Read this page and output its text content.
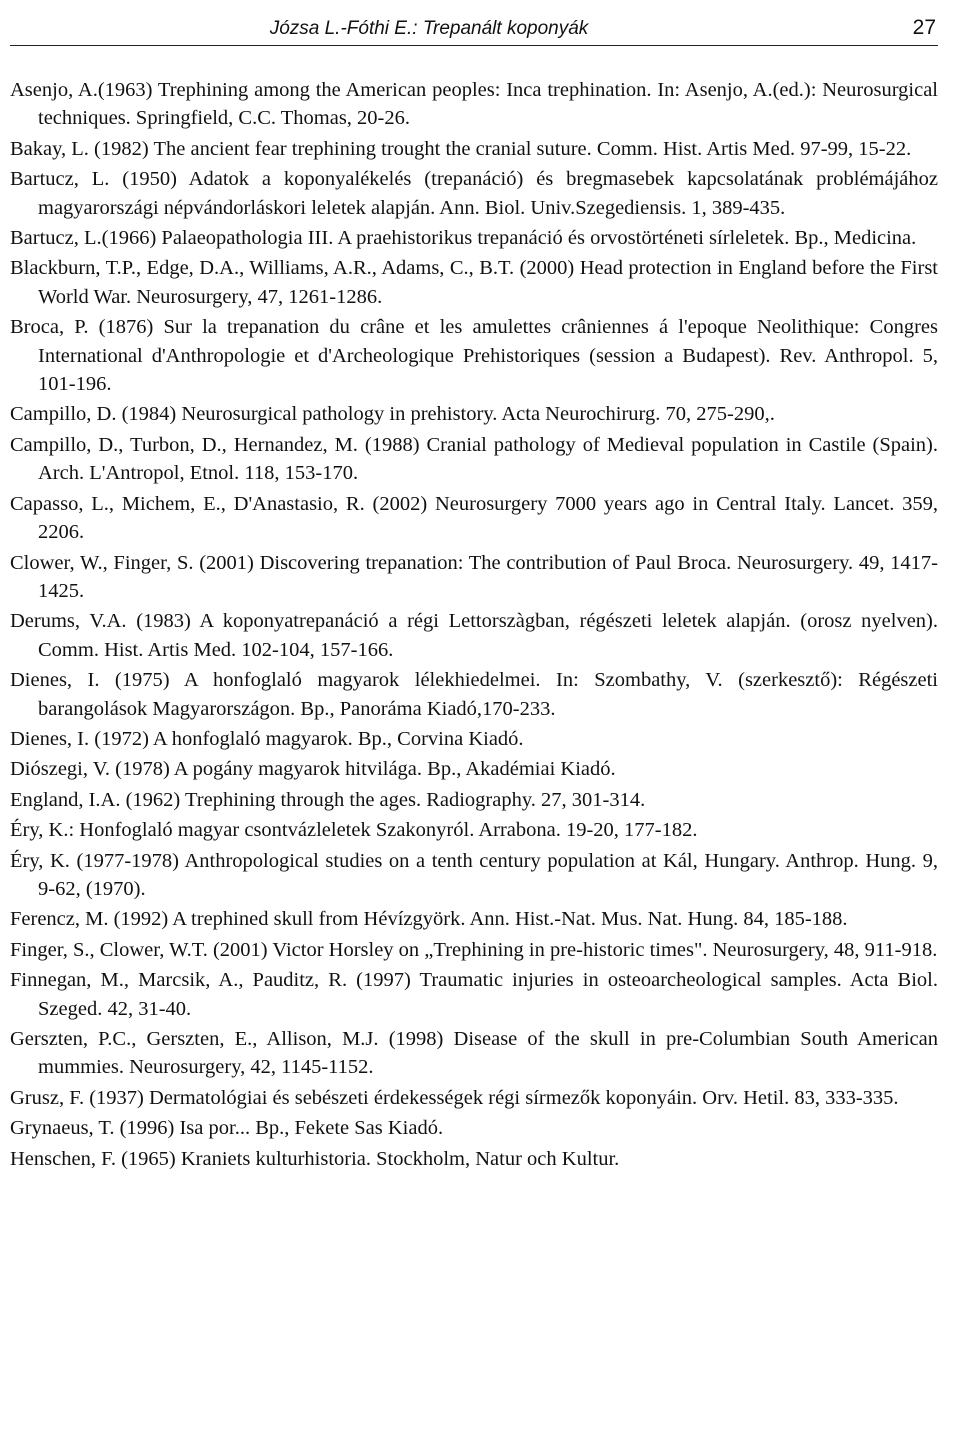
Józsa L.-Fóthi E.: Trepanált koponyák	27
Asenjo, A.(1963) Trephining among the American peoples: Inca trephination. In: Asenjo, A.(ed.): Neurosurgical techniques. Springfield, C.C. Thomas, 20-26.
Bakay, L. (1982) The ancient fear trephining trought the cranial suture. Comm. Hist. Artis Med. 97-99, 15-22.
Bartucz, L. (1950) Adatok a koponyalékelés (trepanáció) és bregmasebek kapcsolatának problémájához magyarországi népvándorláskori leletek alapján. Ann. Biol. Univ.Szegediensis. 1, 389-435.
Bartucz, L.(1966) Palaeopathologia III. A praehistorikus trepanáció és orvostörténeti sírleletek. Bp., Medicina.
Blackburn, T.P., Edge, D.A., Williams, A.R., Adams, C., B.T. (2000) Head protection in England before the First World War. Neurosurgery, 47, 1261-1286.
Broca, P. (1876) Sur la trepanation du crâne et les amulettes crâniennes á l'epoque Neolithique: Congres International d'Anthropologie et d'Archeologique Prehistoriques (session a Budapest). Rev. Anthropol. 5, 101-196.
Campillo, D. (1984) Neurosurgical pathology in prehistory. Acta Neurochirurg. 70, 275-290,.
Campillo, D., Turbon, D., Hernandez, M. (1988) Cranial pathology of Medieval population in Castile (Spain). Arch. L'Antropol, Etnol. 118, 153-170.
Capasso, L., Michem, E., D'Anastasio, R. (2002) Neurosurgery 7000 years ago in Central Italy. Lancet. 359, 2206.
Clower, W., Finger, S. (2001) Discovering trepanation: The contribution of Paul Broca. Neurosurgery. 49, 1417-1425.
Derums, V.A. (1983) A koponyatrepanáció a régi Lettorszàgban, régészeti leletek alapján. (orosz nyelven). Comm. Hist. Artis Med. 102-104, 157-166.
Dienes, I. (1975) A honfoglaló magyarok lélekhiedelmei. In: Szombathy, V. (szerkesztő): Régészeti barangolások Magyarországon. Bp., Panoráma Kiadó,170-233.
Dienes, I. (1972) A honfoglaló magyarok. Bp., Corvina Kiadó.
Diószegi, V. (1978) A pogány magyarok hitvilága. Bp., Akadémiai Kiadó.
England, I.A. (1962) Trephining through the ages. Radiography. 27, 301-314.
Éry, K.: Honfoglaló magyar csontvázleletek Szakonyról. Arrabona. 19-20, 177-182.
Éry, K. (1977-1978) Anthropological studies on a tenth century population at Kál, Hungary. Anthrop. Hung. 9, 9-62, (1970).
Ferencz, M. (1992) A trephined skull from Hévízgyörk. Ann. Hist.-Nat. Mus. Nat. Hung. 84, 185-188.
Finger, S., Clower, W.T. (2001) Victor Horsley on „Trephining in pre-historic times". Neurosurgery, 48, 911-918.
Finnegan, M., Marcsik, A., Pauditz, R. (1997) Traumatic injuries in osteoarcheological samples. Acta Biol. Szeged. 42, 31-40.
Gerszten, P.C., Gerszten, E., Allison, M.J. (1998) Disease of the skull in pre-Columbian South American mummies. Neurosurgery, 42, 1145-1152.
Grusz, F. (1937) Dermatológiai és sebészeti érdekességek régi sírmezők koponyáin. Orv. Hetil. 83, 333-335.
Grynaeus, T. (1996) Isa por... Bp., Fekete Sas Kiadó.
Henschen, F. (1965) Kraniets kulturhistoria. Stockholm, Natur och Kultur.
